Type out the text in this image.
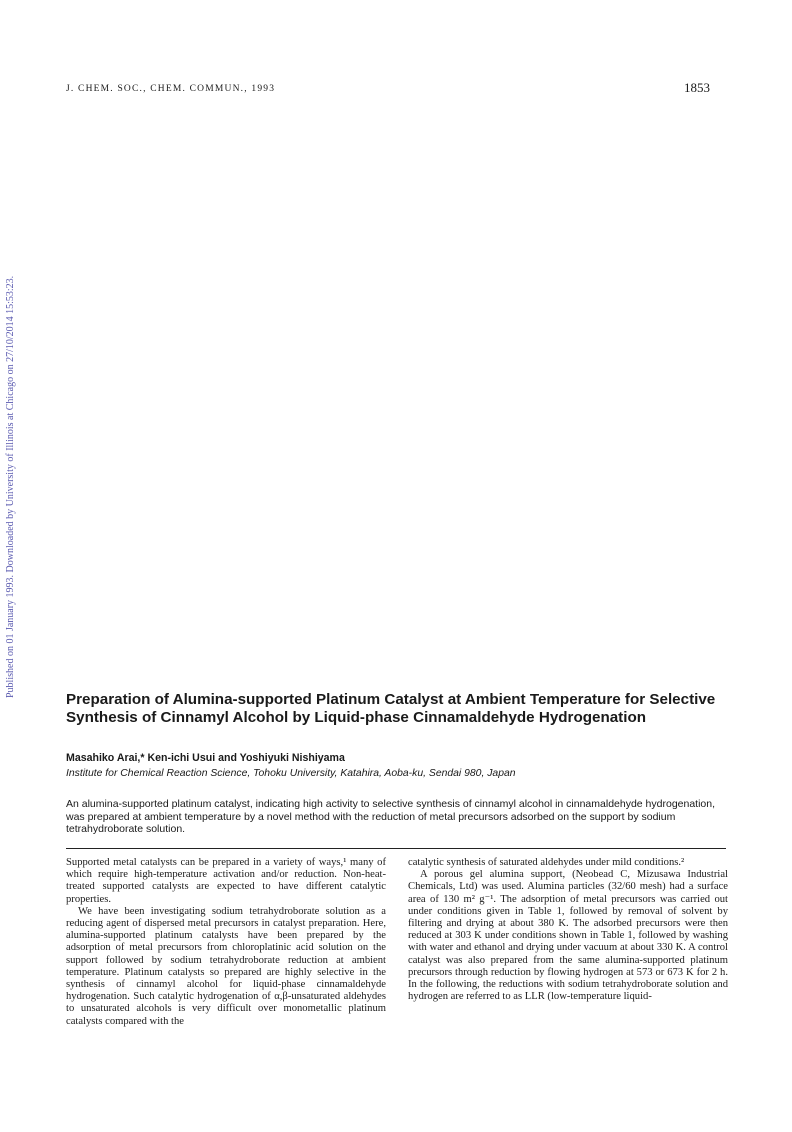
J. CHEM. SOC., CHEM. COMMUN., 1993	1853
Published on 01 January 1993. Downloaded by University of Illinois at Chicago on 27/10/2014 15:53:23.
Preparation of Alumina-supported Platinum Catalyst at Ambient Temperature for Selective Synthesis of Cinnamyl Alcohol by Liquid-phase Cinnamaldehyde Hydrogenation
Masahiko Arai,* Ken-ichi Usui and Yoshiyuki Nishiyama
Institute for Chemical Reaction Science, Tohoku University, Katahira, Aoba-ku, Sendai 980, Japan

An alumina-supported platinum catalyst, indicating high activity to selective synthesis of cinnamyl alcohol in cinnamaldehyde hydrogenation, was prepared at ambient temperature by a novel method with the reduction of metal precursors adsorbed on the support by sodium tetrahydroborate solution.

Supported metal catalysts can be prepared in a variety of ways,¹ many of which require high-temperature activation and/or reduction. Non-heat-treated supported catalysts are expected to have different catalytic properties.

We have been investigating sodium tetrahydroborate solution as a reducing agent of dispersed metal precursors in catalyst preparation. Here, alumina-supported platinum catalysts have been prepared by the adsorption of metal precursors from chloroplatinic acid solution on the support followed by sodium tetrahydroborate reduction at ambient temperature. Platinum catalysts so prepared are highly selective in the synthesis of cinnamyl alcohol for liquid-phase cinnamaldehyde hydrogenation. Such catalytic hydrogenation of α,β-unsaturated aldehydes to unsaturated alcohols is very difficult over monometallic platinum catalysts compared with the

catalytic synthesis of saturated aldehydes under mild conditions.²

A porous gel alumina support, (Neobead C, Mizusawa Industrial Chemicals, Ltd) was used. Alumina particles (32/60 mesh) had a surface area of 130 m² g⁻¹. The adsorption of metal precursors was carried out under conditions given in Table 1, followed by removal of solvent by filtering and drying at about 380 K. The adsorbed precursors were then reduced at 303 K under conditions shown in Table 1, followed by washing with water and ethanol and drying under vacuum at about 330 K. A control catalyst was also prepared from the same alumina-supported platinum precursors through reduction by flowing hydrogen at 573 or 673 K for 2 h. In the following, the reductions with sodium tetrahydroborate solution and hydrogen are referred to as LLR (low-temperature liquid-
